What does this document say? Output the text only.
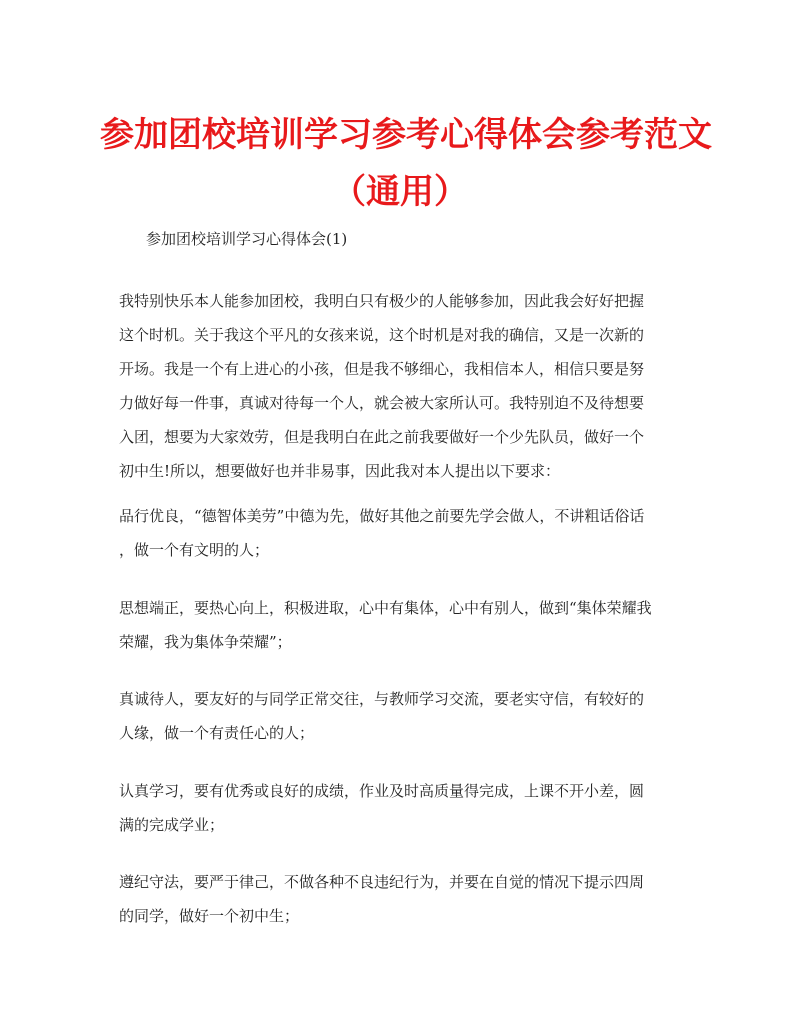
参加团校培训学习参考心得体会参考范文
（通用）

参加团校培训学习心得体会(1)

我特别快乐本人能参加团校，我明白只有极少的人能够参加，因此我会好好把握
这个时机。关于我这个平凡的女孩来说，这个时机是对我的确信，又是一次新的
开场。我是一个有上进心的小孩，但是我不够细心，我相信本人，相信只要是努
力做好每一件事，真诚对待每一个人，就会被大家所认可。我特别迫不及待想要
入团，想要为大家效劳，但是我明白在此之前我要做好一个少先队员，做好一个
初中生!所以，想要做好也并非易事，因此我对本人提出以下要求：

品行优良，“德智体美劳”中德为先，做好其他之前要先学会做人，不讲粗话俗话
，做一个有文明的人；

思想端正，要热心向上，积极进取，心中有集体，心中有别人，做到“集体荣耀我
荣耀，我为集体争荣耀”；

真诚待人，要友好的与同学正常交往，与教师学习交流，要老实守信，有较好的
人缘，做一个有责任心的人；

认真学习，要有优秀或良好的成绩，作业及时高质量得完成，上课不开小差，圆
满的完成学业；

遵纪守法，要严于律己，不做各种不良违纪行为，并要在自觉的情况下提示四周
的同学，做好一个初中生；
